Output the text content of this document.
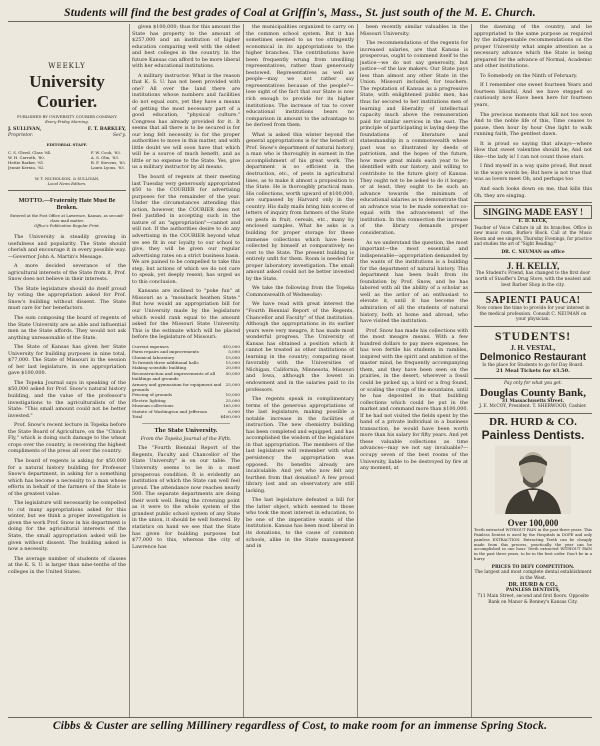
Students will find the best grades of Coal at Griffin's, Mass., St. just south of the M. E. Church.
WEEKLY
University Courier.
PUBLISHED BY UNIVERSITY COURIER COMPANY
Every Friday Morning.
J. SULLIVAN,
Proprietor.
F. T. BARKLEY,
Sec'y.
EDITORIAL STAFF.
C. S. Gleed, Class '84.
W. H. Carruth, '80.
Hettie Barker, '81.
Jennie Kernin, '82.
F. W. Cook, '83.
A. S. Olin, '83.
B. F. Stevens, '83.
Laura Lyons, '83.
W. T. NICHOLSON, & SULLIVAN,
Local News Editors.
MOTTO.—Fraternity Hate Must Be Broken.
Entered at the Post Office at Lawrence, Kansas, as second-class mail matter.
Office's Publication Regular Print.

The University is steadily growing in usefulness and popularity. The State should cherish and encourage it in every possible way.—Governor John A. Martin's Message.

A more decided severance of the agricultural interests of the State from it, Prof. Snow does not believe in their interests.

The State legislature should do itself proud by voting the appropriation asked for Prof. Snow's building without dissent. The State must care for her benefactors.

The sum composing the board of regents of the State University are as able and influential men as the State affords. They would not ask anything unreasonable of the State.

The State of Kansas has given her State University for building purposes in nine total, $77,000. The State of Missouri in the session of her last legislature, in one appropriation gave $100,000.

The Topeka Journal says in speaking of the $50,000 asked for Prof. Snow's natural history building, and the value of the professor's investigations to the agriculturalists of the State: "This small amount could not be better invested."

Prof. Snow's recent lecture in Topeka before the State Board of Agriculture, on the "Chinch Fly," which is doing such damage to the wheat crops over the country, is receiving the highest compliments of the press all over the country.

The board of regents is asking for $50,000 for a natural history building for Professor Snow's department, in asking for a something which has become a necessity to a man whose efforts in behalf of the farmers of the State is of the greatest value.

The legislature will necessarily be compelled to cut many appropriations asked for this winter, but we think a proper investigation is given the work Prof. Snow in his department is doing for the agricultural interests of the State, the small appropriation asked will be given without dissent. The building asked is now a necessity.

The average number of students of classes at the K. S. U. is larger than nine-tenths of the colleges in the United States.

given $100,000; thus for this amount the State has property to the amount of $257,000 and an institution of higher education comparing well with the oldest and best colleges in the country. In the future Kansas can afford to be more liberal with her educational institutions.

A military instructor. What is the reason that K. S. U. has not been provided with one? All over the land there are institutions whose numbers and facilities do not equal ours, yet they have a means of getting the most necessary part of a good education, "physical culture." Congress has already provided for it. It seems that all there is to be secured is for our long felt necessity is for the proper authorities to move in this matter, and with little doubt we will soon have that which will be a source of much benefit, and as little or no expense to the State. Yes, give us a military instructor by all means.

The board of regents at their meeting last Tuesday very generously appropriated $50 to the COURIER for advertising purposes for the remainder of the year. Under the circumstances attending this action, however, the COURIER does not feel justified in accepting such in the nature of an "appropriation"—cannot and will not. If the authorities desire to do any advertising in the COURIER beyond what we see fit in our loyalty to our school to give, they will be given our regular advertising rates on a strict business basis. We are pained to be compelled to take this step, but actions of which we do not care to speak, yet deeply resent, has urged us to this conclusion.

Kansans are inclined to "poke fun" at Missouri as a "mossback heathen State." But how would an appropriation bill for our University made by the legislature which would rank equal to the amount asked for the Missouri State University. This is the estimate which will be placed before the legislature of Missouri:

Current expenses	$10,000
Farm repairs and improvements	5,000
Chemical laboratory	15,000
To furnish three additional halls	15,000
Making scientific building	20,000
Reconstruction and improvements of all buildings and grounds
50,000
Armory and gymnasium for equipment and grounds
25,000
Fencing of grounds	10,000
Electric lighting	25,000
Museum collections	165,000
Statute of Washington and Jefferson	6,000
Total	$400,000
The State University.
From the Topeka Journal of the Fifth.

The "Fourth Biennial Report of the Regents, Faculty and Chancellor of the State University" is on our table. The University seems to be in a most prosperous condition. It is evidently an institution of which the State can well feel proud. The attendance now reaches nearly 500. The separate departments are doing their work well. Being the crowning point as it were to the whole system of the grandest public school system of any State in the union, it should be well fostered. By statistics on hand we see that the State has given for building purposes but $77,000 to this, whereas the city of Lawrence has

the municipalities organized to carry on the common school system. But it has sometimes seemed to us too stringently economical in its appropriations to the higher branches. The contributions have been frequently wrung from unwilling representatives, rather than generously bestowed. Representatives as well as people—may we not rather say representatives because of the people?—lose sight of the fact that our State is now rich enough to provide for its higher institutions. The increase of tax to cover educational institutions bears no comparison in amount to the advantage to be derived from them.

What is asked this winter beyond the general appropriations is for the benefit of Prof. Snow's department of natural history, a man who is thoroughly in earnest in the accomplishment of his great work. The department is so efficient in the destruction, etc., of pests in agricultural lines, as to make it almost a proposition to the State. He is thoroughly practical man. His collections, worth upward of $100,000, are surpassed by Harvard only in the country. His daily mails bring him scores of letters of inquiry from farmers of the State on pests in fruit, cereals, etc., many by enclosed samples. What he asks is a building for proper storage for these immense collections which have been collected by himself at comparatively no cost to the State. The present building is entirely unfit for them. Room is needed for proper laboratory investigation. The small amount asked could not be better invested by the State.

We take the following from the Topeka Commonwealth of Wednesday:

We have read with great interest the "Fourth Biennial Report of the Regents, Chancellor and Faculty" of that institution. Although the appropriations in its earlier years were very meagre, it has made most wonderful progress. The University of Kansas has obtained a position which it cannot be treated as other institutions of learning in the country; comparing most favorably with the Universities of Michigan, California, Minnesota, Missouri and Iowa, although the lowest in endowment and in the salaries paid to its professors.

The regents speak in complimentary terms of the generous appropriations of the last legislature, making possible a notable increase in the facilities of instruction. The new chemistry building has been completed and equipped, and has accomplished the wisdom of the legislature in that appropriation. The members of the last legislature will remember with what persistency the appropriation was opposed. Its benefits already are incalculable. And yet who now felt any burthen from that donation? A few proud library lost and an observatory are still lacking.

The last legislature defeated a bill for the latter object, which seemed to those who took the most interest in education, to be one of the imperative wants of the institution. Kansas has been most liberal in its donations, to the cause of common schools, alike in the State management and in

been recently similar valuables in the Missouri University.

The recommendations of the regents for increased salaries, are that Kansas is prosperous, ought to commend itself to the justice—we do not say generosity, but justice—of the law makers. Our State pays less than almost any other State in the Union. Missouri included, for teachers. The reputation of Kansas as a progressive State, with enlightened public men, has thus far secured to her institutions men of learning and liberality of intellectual capacity much above the remuneration paid for similar services in the east. The principle of participating is laying deep the foundations of literature and statesmanship in a commonwealth whose past was so illustrated by deeds of patriotism, and the hopes of the future, how more great minds each year to be identified with our history, and willing to contribute to the future glory of Kansas. They ought not to be asked to do it longer; or at least, they ought to be such an advance towards the minimum of educational salaries as to demonstrate that an advance was to be made somewhat co-equal with the advancement of the institution. In this connection the increase of the library demands proper consideration.

As we understand the question, the most important—the most essential and indispensable—appropriation demanded by the wants of the institutions is a building for the department of natural history. This department has been built from its foundation by Prof. Snow, and he has labored with all the ability of a scholar as well as the ardor of an enthusiast to elevate it, until it has become the admiration of all the students of natural history, both at home and abroad, who have visited the institution.

Prof. Snow has made his collections with the most meagre means. With a few hundred dollars to pay mere expenses, he has won fertile his students in rambles, inspired with the spirit and ambition of the master mind, he frequently accompanying them, and they have been seen on the prairies, in the desert, wherever a fossil could be picked up, a bird or a frog found, or scaling the crags of the mountains, until he has deposited in that building collections which could be put in the market and command more than $100,000. If he had not visited the fields spent by the hand of a private individual in a business transaction, he would have been worth more than his salary for fifty years. And yet these valuable collections as time advances—may we not say invaluable?—occupy seven of the best rooms of the University, liable to be destroyed by fire at any moment, at

the dawning of the country, and be appropriated to the same purpose as required by the indispensable recommendations on the proper University what ample attention as a necessary advance which the State is being prepared for the advance of Normal, Academic and other institutions.

To Somebody on the Ninth of February.

If I remember one sweet fourteen Years and fourteen blissful, And we have stepped so cautiously now Have been here for fourteen years,

The precious moments that kill not too soon And to the noble life of this, Time ceases to pause, then hour by hour One light to walk running faith, The gentlest dawn.

It is proud so saying that always—where How that sweet valentine should be, And not like—the lady is! I can not count those stars.

I find myself in a way quite proud, But must in the ways words be; But here is not true that was as lovers meet Oh, and perhaps too

And each looks down on me, that kills this Oh, they are singing.

SINGING MADE EASY !
E. D. KECK,
Teacher of Voice Culture in all its branches. Office in new music room, Burke's Block. Call at the Music Room and see singers, Thursday Evenings, for practice and studies the art of "Sight Reading."
DR. C. NEUMAN on office
J. H. KELLY,
The Student's Friend, has changed to the first door north of Stauffer's Drug Store, with the neatest and best Barber Shop in the city.
SAPIENTI PAUCA!
Now comes the time to provide for your interest in the medical profession. Consult C. NEUMAN on your physician.
STUDENTS!
J. H. VESTAL,
Delmonico Restaurant
Is the place for Students to go for Day Board.
21 Meal Tickets for $3.50.
Pay only for what you get.
Douglas County Bank,
31 Massachusetts Street.
J. E. McCOY, President. T. SHERWOOD, Cashier.
DR. HURD & CO.
Painless Dentists.
Over 100,000
Teeth extracted WITHOUT PAIN in the past three years. This Painless Dentist is used by the Hospitals in DOPE and only painless EXTRACTION. Extracting Teeth can be cheaply made from this process, practically the year can be accomplished in one hour. Teeth extracted WITHOUT PAIN in the past three years, to be in the best order. Don't be in a hurry.
PRICES TO DEFY COMPETITION.
The largest and most complete dental establishment in the West.
DR. HURD & CO.,
PAINLESS DENTISTS,
711 Main Street, second and first floors. Opposite Bank on Manor & Bonney's Kansas City.
Cibbs & Custer are selling Millinery regardless of Cost, to make room for an immense Spring Stock.
